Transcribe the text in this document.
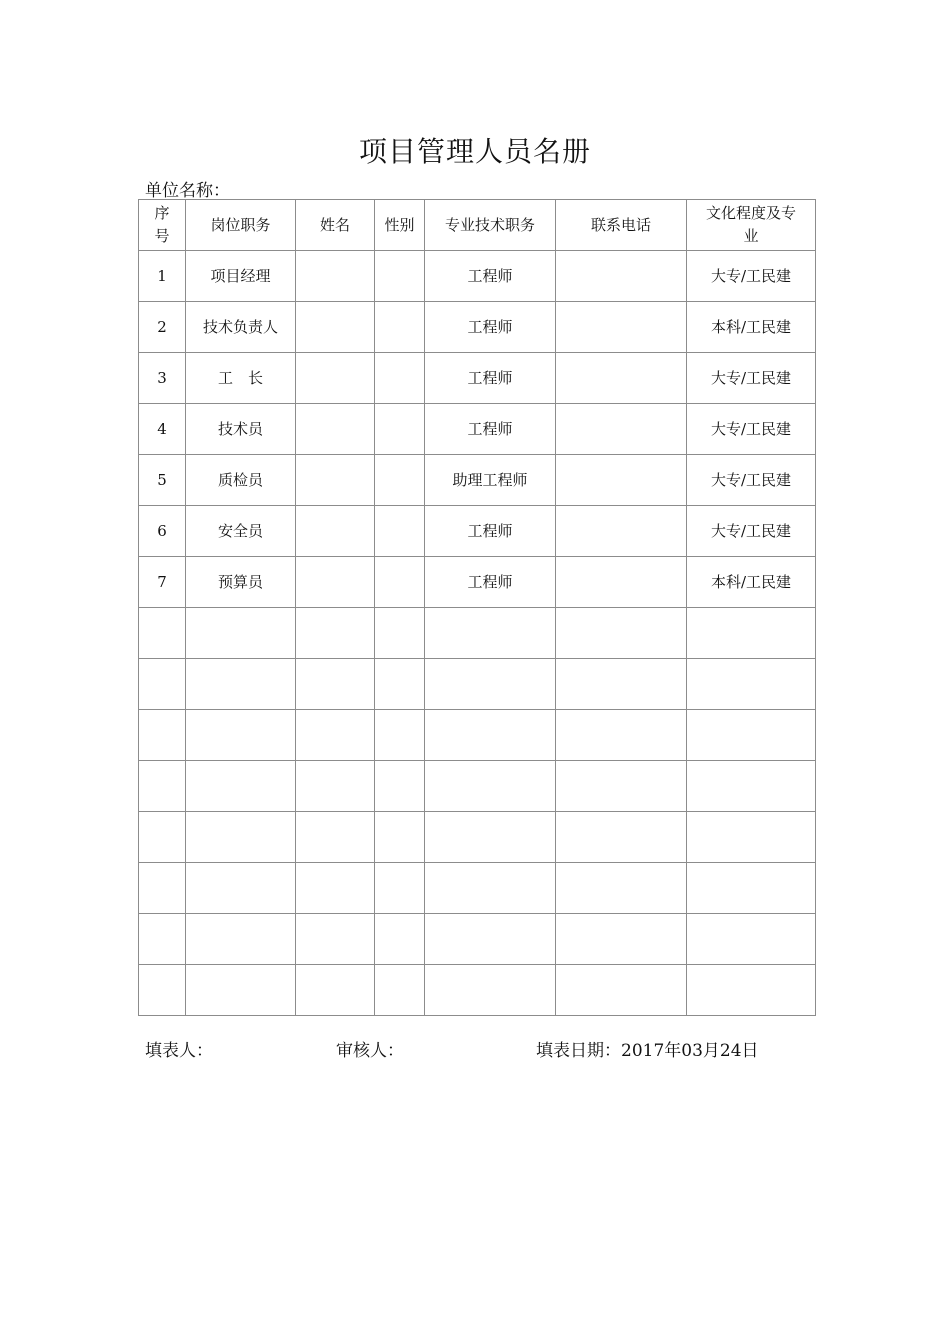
项目管理人员名册
单位名称：
序号	岗位职务	姓名	性别	专业技术职务	联系电话	文化程度及专业
1	项目经理			工程师		大专/工民建
2	技术负责人			工程师		本科/工民建
3	工　长			工程师		大专/工民建
4	技术员			工程师		大专/工民建
5	质检员			助理工程师		大专/工民建
6	安全员			工程师		大专/工民建
7	预算员			工程师		本科/工民建

填表人：	审核人：	填表日期：2017年03月24日
